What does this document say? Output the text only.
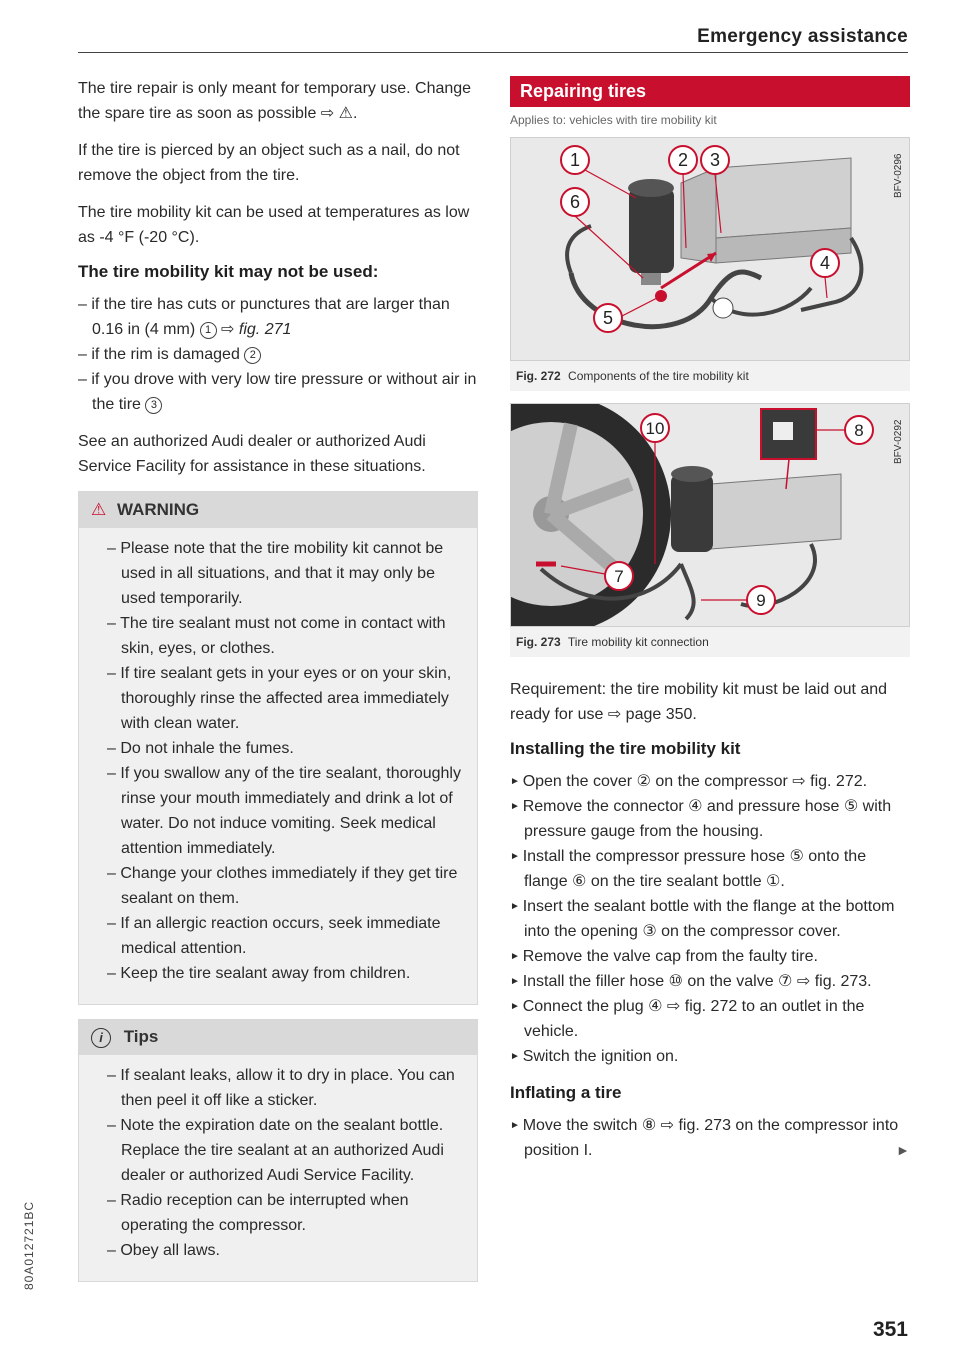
Emergency assistance

The tire repair is only meant for temporary use. Change the spare tire as soon as possible ⇨ ⚠.

If the tire is pierced by an object such as a nail, do not remove the object from the tire.

The tire mobility kit can be used at temperatures as low as -4 °F (-20 °C).

The tire mobility kit may not be used:
– if the tire has cuts or punctures that are larger than 0.16 in (4 mm) 1 ⇨ fig. 271
– if the rim is damaged 2
– if you drove with very low tire pressure or without air in the tire 3

See an authorized Audi dealer or authorized Audi Service Facility for assistance in these situations.

⚠ WARNING
– Please note that the tire mobility kit cannot be used in all situations, and that it may only be used temporarily.
– The tire sealant must not come in contact with skin, eyes, or clothes.
– If tire sealant gets in your eyes or on your skin, thoroughly rinse the affected area immediately with clean water.
– Do not inhale the fumes.
– If you swallow any of the tire sealant, thoroughly rinse your mouth immediately and drink a lot of water. Do not induce vomiting. Seek medical attention immediately.
– Change your clothes immediately if they get tire sealant on them.
– If an allergic reaction occurs, seek immediate medical attention.
– Keep the tire sealant away from children.
i Tips
– If sealant leaks, allow it to dry in place. You can then peel it off like a sticker.
– Note the expiration date on the sealant bottle. Replace the tire sealant at an authorized Audi dealer or authorized Audi Service Facility.
– Radio reception can be interrupted when operating the compressor.
– Obey all laws.
Repairing tires
Applies to: vehicles with tire mobility kit
1	2 3
4
5
6
BFV-0296
Fig. 272 Components of the tire mobility kit
10	8
7
9
BFV-0292
Fig. 273 Tire mobility kit connection

Requirement: the tire mobility kit must be laid out and ready for use ⇨ page 350.

Installing the tire mobility kit
► Open the cover ② on the compressor ⇨ fig. 272.
► Remove the connector ④ and pressure hose ⑤ with pressure gauge from the housing.
► Install the compressor pressure hose ⑤ onto the flange ⑥ on the tire sealant bottle ①.
► Insert the sealant bottle with the flange at the bottom into the opening ③ on the compressor cover.
► Remove the valve cap from the faulty tire.
► Install the filler hose ⑩ on the valve ⑦ ⇨ fig. 273.
► Connect the plug ④ ⇨ fig. 272 to an outlet in the vehicle.
► Switch the ignition on.
Inflating a tire
► Move the switch ⑧ ⇨ fig. 273 on the compressor into position I.	►
351
80A012721BC
